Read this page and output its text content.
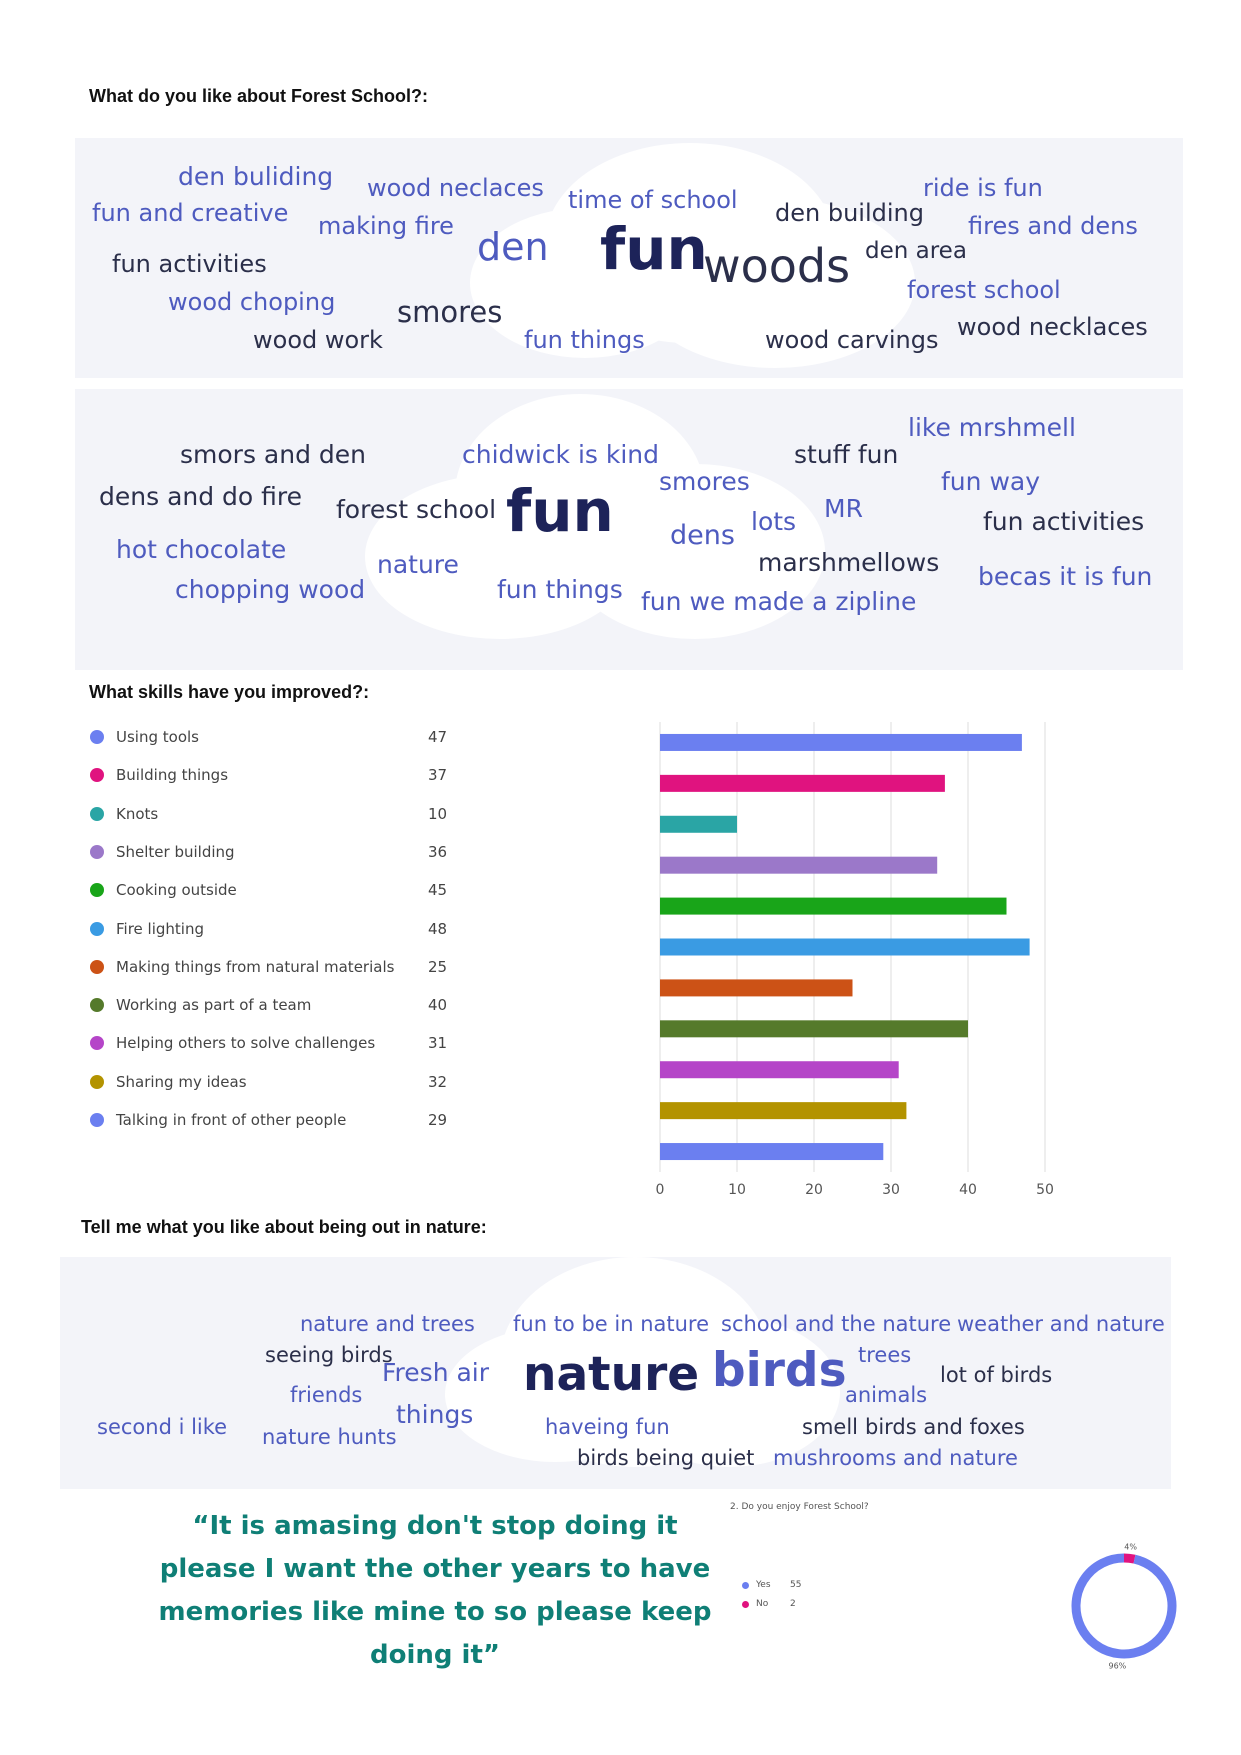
What do you like about Forest School?:
What skills have you improved?:
Tell me what you like about being out in nature:
den buliding wood neclaces time of school	ride is fun
fun and creative making fire	den building fires and dens
den fun
woods den area
fun activities
forest school
wood choping smores
wood work	fun things	wood carvings wood necklaces
like mrshmell
smors and den	chidwick is kind	stuff fun
smores	fun way
dens and do fire forest school fun	MR
lots	fun activities
dens
hot chocolate
nature	marshmellows becas it is fun
chopping wood	fun things fun we made a zipline
Using tools	47
Building things	37
Knots	10
Shelter building	36
Cooking outside	45
Fire lighting	48
Making things from natural materials 25
Working as part of a team	40
Helping others to solve challenges	31
Sharing my ideas	32
Talking in front of other people	29
0	10	20	30	40	50
nature and trees fun to be in nature school and the nature weather and nature
seeing birds	trees
Fresh air nature birds	lot of birds
friends	animals
things
second i like	haveing fun	smell birds and foxes
nature hunts
birds being quiet mushrooms and nature
“It is amasing don't stop doing it please I want the other years to have memories like mine to so please keep doing it”
2. Do you enjoy Forest School?
Yes 55
No 2
4%
96%
